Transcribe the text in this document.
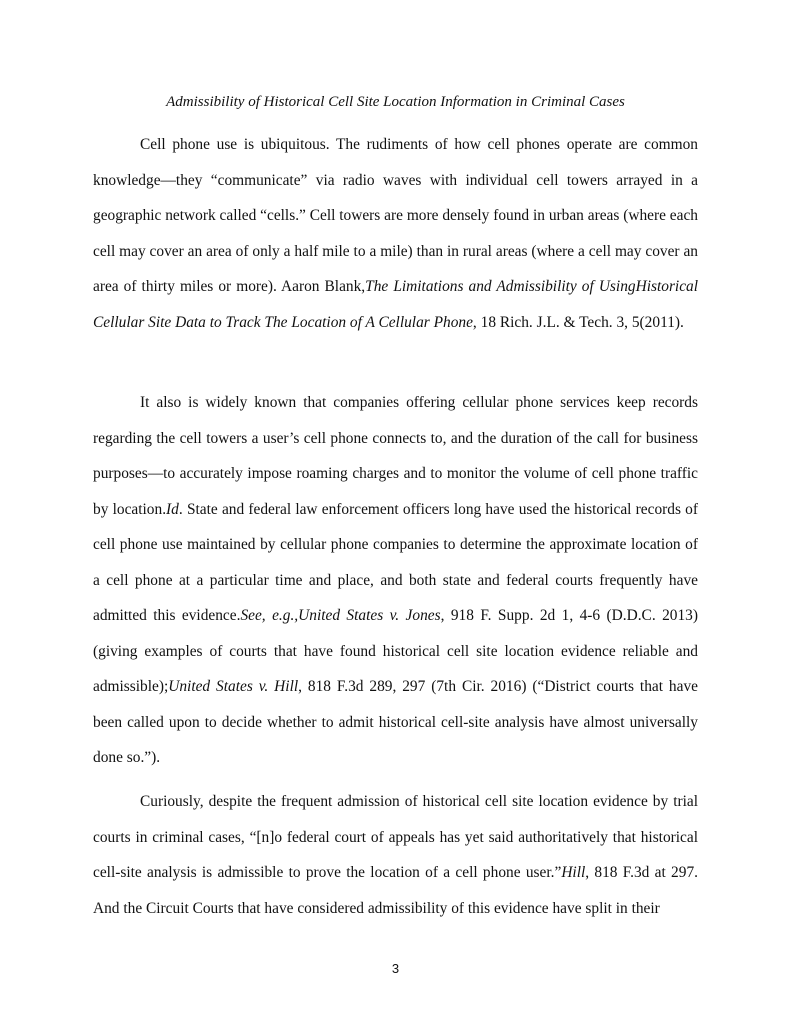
Admissibility of Historical Cell Site Location Information in Criminal Cases

Cell phone use is ubiquitous. The rudiments of how cell phones operate are common knowledge—they “communicate” via radio waves with individual cell towers arrayed in a geographic network called “cells.” Cell towers are more densely found in urban areas (where each cell may cover an area of only a half mile to a mile) than in rural areas (where a cell may cover an area of thirty miles or more). Aaron Blank,The Limitations and Admissibility of UsingHistorical Cellular Site Data to Track The Location of A Cellular Phone, 18 Rich. J.L. & Tech. 3, 5(2011).

It also is widely known that companies offering cellular phone services keep records regarding the cell towers a user’s cell phone connects to, and the duration of the call for business purposes—to accurately impose roaming charges and to monitor the volume of cell phone traffic by location.Id. State and federal law enforcement officers long have used the historical records of cell phone use maintained by cellular phone companies to determine the approximate location of a cell phone at a particular time and place, and both state and federal courts frequently have admitted this evidence.See, e.g.,United States v. Jones, 918 F. Supp. 2d 1, 4-6 (D.D.C. 2013) (giving examples of courts that have found historical cell site location evidence reliable and admissible);United States v. Hill, 818 F.3d 289, 297 (7th Cir. 2016) (“District courts that have been called upon to decide whether to admit historical cell-site analysis have almost universally done so.”).

Curiously, despite the frequent admission of historical cell site location evidence by trial courts in criminal cases, “[n]o federal court of appeals has yet said authoritatively that historical cell-site analysis is admissible to prove the location of a cell phone user.”Hill, 818 F.3d at 297. And the Circuit Courts that have considered admissibility of this evidence have split in their

3
